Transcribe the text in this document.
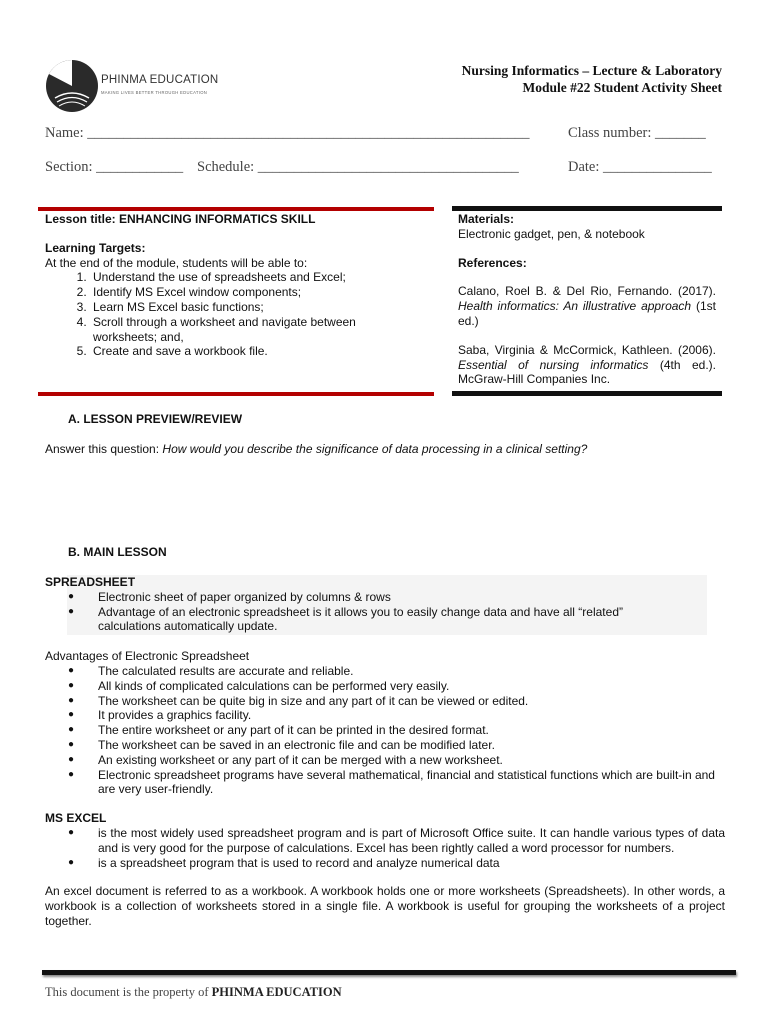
PHINMA EDUCATION
MAKING LIVES BETTER THROUGH EDUCATION
Nursing Informatics – Lecture & Laboratory
Module #22 Student Activity Sheet
Name: _____________________________________________________________	Class number: _______
Section: ____________ Schedule: ____________________________________	Date: _______________
Lesson title: ENHANCING INFORMATICS SKILL
Learning Targets:
At the end of the module, students will be able to:
1. Understand the use of spreadsheets and Excel;
2. Identify MS Excel window components;
3. Learn MS Excel basic functions;
4. Scroll through a worksheet and navigate between worksheets; and,
5. Create and save a workbook file.
Materials:
Electronic gadget, pen, & notebook
References:

Calano, Roel B. & Del Rio, Fernando. (2017). Health informatics: An illustrative approach (1st ed.)

Saba, Virginia & McCormick, Kathleen. (2006). Essential of nursing informatics (4th ed.). McGraw-Hill Companies Inc.

A. LESSON PREVIEW/REVIEW
Answer this question: How would you describe the significance of data processing in a clinical setting?
B. MAIN LESSON
SPREADSHEET
● Electronic sheet of paper organized by columns & rows
● Advantage of an electronic spreadsheet is it allows you to easily change data and have all “related” calculations automatically update.
Advantages of Electronic Spreadsheet
● The calculated results are accurate and reliable.
● All kinds of complicated calculations can be performed very easily.
● The worksheet can be quite big in size and any part of it can be viewed or edited.
● It provides a graphics facility.
● The entire worksheet or any part of it can be printed in the desired format.
● The worksheet can be saved in an electronic file and can be modified later.
● An existing worksheet or any part of it can be merged with a new worksheet.
● Electronic spreadsheet programs have several mathematical, financial and statistical functions which are built-in and are very user-friendly.
MS EXCEL
● is the most widely used spreadsheet program and is part of Microsoft Office suite. It can handle various types of data and is very good for the purpose of calculations. Excel has been rightly called a word processor for numbers.
● is a spreadsheet program that is used to record and analyze numerical data
An excel document is referred to as a workbook. A workbook holds one or more worksheets (Spreadsheets). In other words, a workbook is a collection of worksheets stored in a single file. A workbook is useful for grouping the worksheets of a project together.
This document is the property of PHINMA EDUCATION
